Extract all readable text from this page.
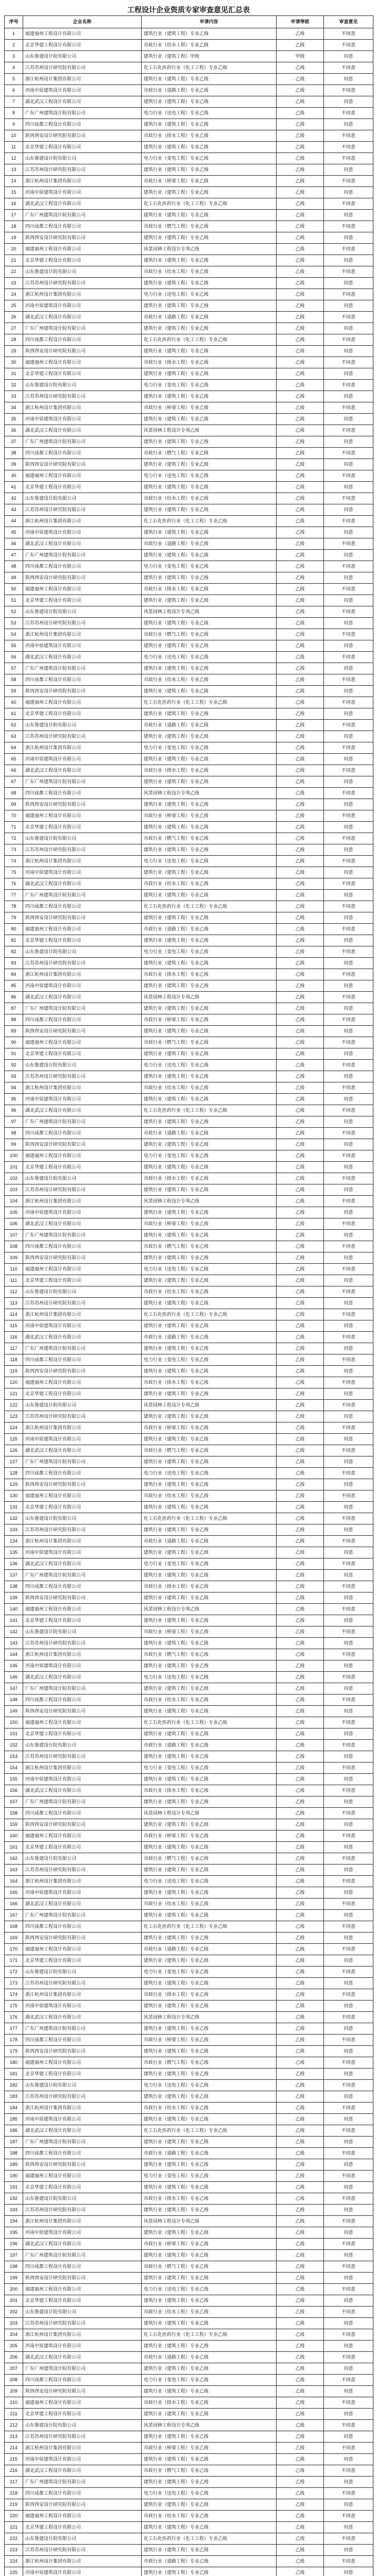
工程设计企业资质专家审查意见汇总表
序号	企业名称	申请内容	申请等级	审查意见
1	福建福州工程设计有限公司	建筑行业（建筑工程）专业乙级	乙级	不同意
2	北京华建工程设计有限公司	市政行业（给水工程）专业乙级	乙级	不同意
3	山东鲁建设计院有限公司	建筑行业（建筑工程）甲级	甲级	同意
4	江苏苏州设计研究院有限公司	化工石化医药行业（化工工程）专业乙级	乙级	不同意
5	浙江杭州设计集团有限公司	建筑行业（建筑工程）专业乙级	乙级	同意
6	河南中原建筑设计有限公司	市政行业（道路工程）专业乙级	乙级	不同意
7	湖北武汉工程设计有限公司	建筑行业（建筑工程）专业乙级	乙级	同意
8	广东广州建筑设计院有限公司	电力行业（送电工程）专业乙级	乙级	不同意
9	四川成都工程设计有限公司	建筑行业（建筑工程）专业乙级	乙级	同意
10	陕西西安设计研究院有限公司	市政行业（排水工程）专业乙级	乙级	不同意
11	北京华建工程设计有限公司	建筑行业（建筑工程）专业乙级	乙级	不同意
12	山东鲁建设计院有限公司	电力行业（变电工程）专业乙级	乙级	不同意
13	江苏苏州设计研究院有限公司	建筑行业（建筑工程）专业乙级	乙级	同意
14	浙江杭州设计集团有限公司	市政行业（桥梁工程）专业乙级	乙级	不同意
15	河南中原建筑设计有限公司	建筑行业（建筑工程）专业乙级	乙级	同意
16	湖北武汉工程设计有限公司	化工石化医药行业（化工工程）专业乙级	乙级	不同意
17	广东广州建筑设计院有限公司	建筑行业（建筑工程）专业乙级	乙级	同意
18	四川成都工程设计有限公司	市政行业（燃气工程）专业乙级	乙级	不同意
19	陕西西安设计研究院有限公司	建筑行业（建筑工程）专业乙级	乙级	同意
20	福建福州工程设计有限公司	风景园林工程设计专项乙级	乙级	不同意
21	北京华建工程设计有限公司	建筑行业（建筑工程）专业乙级	乙级	同意
22	山东鲁建设计院有限公司	市政行业（给水工程）专业乙级	乙级	不同意
23	江苏苏州设计研究院有限公司	建筑行业（建筑工程）专业乙级	乙级	同意
24	浙江杭州设计集团有限公司	电力行业（送电工程）专业乙级	乙级	不同意
25	河南中原建筑设计有限公司	建筑行业（建筑工程）专业乙级	乙级	同意
26	湖北武汉工程设计有限公司	市政行业（道路工程）专业乙级	乙级	不同意
27	广东广州建筑设计院有限公司	建筑行业（建筑工程）专业乙级	乙级	同意
28	四川成都工程设计有限公司	化工石化医药行业（化工工程）专业乙级	乙级	不同意
29	陕西西安设计研究院有限公司	建筑行业（建筑工程）专业乙级	乙级	同意
30	福建福州工程设计有限公司	市政行业（排水工程）专业乙级	乙级	不同意
31	北京华建工程设计有限公司	建筑行业（建筑工程）专业乙级	乙级	同意
32	山东鲁建设计院有限公司	电力行业（变电工程）专业乙级	乙级	不同意
33	江苏苏州设计研究院有限公司	建筑行业（建筑工程）专业乙级	乙级	同意
34	浙江杭州设计集团有限公司	市政行业（桥梁工程）专业乙级	乙级	不同意
35	河南中原建筑设计有限公司	建筑行业（建筑工程）专业乙级	乙级	同意
36	湖北武汉工程设计有限公司	风景园林工程设计专项乙级	乙级	不同意
37	广东广州建筑设计院有限公司	建筑行业（建筑工程）专业乙级	乙级	同意
38	四川成都工程设计有限公司	市政行业（燃气工程）专业乙级	乙级	不同意
39	陕西西安设计研究院有限公司	建筑行业（建筑工程）专业乙级	乙级	同意
40	福建福州工程设计有限公司	电力行业（送电工程）专业乙级	乙级	不同意
41	北京华建工程设计有限公司	建筑行业（建筑工程）专业乙级	乙级	同意
42	山东鲁建设计院有限公司	市政行业（给水工程）专业乙级	乙级	不同意
43	江苏苏州设计研究院有限公司	建筑行业（建筑工程）专业乙级	乙级	同意
44	浙江杭州设计集团有限公司	化工石化医药行业（化工工程）专业乙级	乙级	不同意
45	河南中原建筑设计有限公司	建筑行业（建筑工程）专业乙级	乙级	同意
46	湖北武汉工程设计有限公司	市政行业（道路工程）专业乙级	乙级	不同意
47	广东广州建筑设计院有限公司	建筑行业（建筑工程）专业乙级	乙级	同意
48	四川成都工程设计有限公司	电力行业（变电工程）专业乙级	乙级	不同意
49	陕西西安设计研究院有限公司	建筑行业（建筑工程）专业乙级	乙级	同意
50	福建福州工程设计有限公司	市政行业（排水工程）专业乙级	乙级	不同意
51	北京华建工程设计有限公司	建筑行业（建筑工程）专业乙级	乙级	同意
52	山东鲁建设计院有限公司	风景园林工程设计专项乙级	乙级	不同意
53	江苏苏州设计研究院有限公司	建筑行业（建筑工程）专业乙级	乙级	同意
54	浙江杭州设计集团有限公司	市政行业（燃气工程）专业乙级	乙级	不同意
55	河南中原建筑设计有限公司	建筑行业（建筑工程）专业乙级	乙级	同意
56	湖北武汉工程设计有限公司	电力行业（送电工程）专业乙级	乙级	不同意
57	广东广州建筑设计院有限公司	建筑行业（建筑工程）专业乙级	乙级	同意
58	四川成都工程设计有限公司	市政行业（给水工程）专业乙级	乙级	不同意
59	陕西西安设计研究院有限公司	建筑行业（建筑工程）专业乙级	乙级	同意
60	福建福州工程设计有限公司	化工石化医药行业（化工工程）专业乙级	乙级	不同意
61	北京华建工程设计有限公司	建筑行业（建筑工程）专业乙级	乙级	同意
62	山东鲁建设计院有限公司	市政行业（道路工程）专业乙级	乙级	不同意
63	江苏苏州设计研究院有限公司	建筑行业（建筑工程）专业乙级	乙级	同意
64	浙江杭州设计集团有限公司	电力行业（变电工程）专业乙级	乙级	不同意
65	河南中原建筑设计有限公司	建筑行业（建筑工程）专业乙级	乙级	同意
66	湖北武汉工程设计有限公司	市政行业（排水工程）专业乙级	乙级	不同意
67	广东广州建筑设计院有限公司	建筑行业（建筑工程）专业乙级	乙级	同意
68	四川成都工程设计有限公司	风景园林工程设计专项乙级	乙级	不同意
69	陕西西安设计研究院有限公司	建筑行业（建筑工程）专业乙级	乙级	同意
70	福建福州工程设计有限公司	市政行业（桥梁工程）专业乙级	乙级	不同意
71	北京华建工程设计有限公司	建筑行业（建筑工程）专业乙级	乙级	同意
72	山东鲁建设计院有限公司	市政行业（燃气工程）专业乙级	乙级	不同意
73	江苏苏州设计研究院有限公司	建筑行业（建筑工程）专业乙级	乙级	同意
74	浙江杭州设计集团有限公司	电力行业（送电工程）专业乙级	乙级	不同意
75	河南中原建筑设计有限公司	建筑行业（建筑工程）专业乙级	乙级	同意
76	湖北武汉工程设计有限公司	市政行业（给水工程）专业乙级	乙级	不同意
77	广东广州建筑设计院有限公司	建筑行业（建筑工程）专业乙级	乙级	同意
78	四川成都工程设计有限公司	化工石化医药行业（化工工程）专业乙级	乙级	不同意
79	陕西西安设计研究院有限公司	建筑行业（建筑工程）专业乙级	乙级	同意
80	福建福州工程设计有限公司	市政行业（道路工程）专业乙级	乙级	不同意
81	北京华建工程设计有限公司	建筑行业（建筑工程）专业乙级	乙级	同意
82	山东鲁建设计院有限公司	电力行业（变电工程）专业乙级	乙级	不同意
83	江苏苏州设计研究院有限公司	建筑行业（建筑工程）专业乙级	乙级	同意
84	浙江杭州设计集团有限公司	市政行业（排水工程）专业乙级	乙级	不同意
85	河南中原建筑设计有限公司	建筑行业（建筑工程）专业乙级	乙级	同意
86	湖北武汉工程设计有限公司	风景园林工程设计专项乙级	乙级	不同意
87	广东广州建筑设计院有限公司	建筑行业（建筑工程）专业乙级	乙级	同意
88	四川成都工程设计有限公司	市政行业（桥梁工程）专业乙级	乙级	不同意
89	陕西西安设计研究院有限公司	建筑行业（建筑工程）专业乙级	乙级	同意
90	福建福州工程设计有限公司	市政行业（燃气工程）专业乙级	乙级	不同意
91	北京华建工程设计有限公司	建筑行业（建筑工程）专业乙级	乙级	同意
92	山东鲁建设计院有限公司	电力行业（送电工程）专业乙级	乙级	不同意
93	江苏苏州设计研究院有限公司	建筑行业（建筑工程）专业乙级	乙级	同意
94	浙江杭州设计集团有限公司	市政行业（给水工程）专业乙级	乙级	不同意
95	河南中原建筑设计有限公司	建筑行业（建筑工程）专业乙级	乙级	同意
96	湖北武汉工程设计有限公司	化工石化医药行业（化工工程）专业乙级	乙级	不同意
97	广东广州建筑设计院有限公司	建筑行业（建筑工程）专业乙级	乙级	同意
98	四川成都工程设计有限公司	市政行业（道路工程）专业乙级	乙级	不同意
99	陕西西安设计研究院有限公司	建筑行业（建筑工程）专业乙级	乙级	同意
100	福建福州工程设计有限公司	电力行业（变电工程）专业乙级	乙级	不同意
101	北京华建工程设计有限公司	建筑行业（建筑工程）专业乙级	乙级	同意
102	山东鲁建设计院有限公司	市政行业（排水工程）专业乙级	乙级	不同意
103	江苏苏州设计研究院有限公司	建筑行业（建筑工程）专业乙级	乙级	同意
104	浙江杭州设计集团有限公司	风景园林工程设计专项乙级	乙级	不同意
105	河南中原建筑设计有限公司	建筑行业（建筑工程）专业乙级	乙级	同意
106	湖北武汉工程设计有限公司	市政行业（桥梁工程）专业乙级	乙级	不同意
107	广东广州建筑设计院有限公司	建筑行业（建筑工程）专业乙级	乙级	同意
108	四川成都工程设计有限公司	市政行业（燃气工程）专业乙级	乙级	不同意
109	陕西西安设计研究院有限公司	建筑行业（建筑工程）专业乙级	乙级	同意
110	福建福州工程设计有限公司	电力行业（送电工程）专业乙级	乙级	不同意
111	北京华建工程设计有限公司	建筑行业（建筑工程）专业乙级	乙级	同意
112	山东鲁建设计院有限公司	市政行业（给水工程）专业乙级	乙级	不同意
113	江苏苏州设计研究院有限公司	建筑行业（建筑工程）专业乙级	乙级	同意
114	浙江杭州设计集团有限公司	化工石化医药行业（化工工程）专业乙级	乙级	不同意
115	河南中原建筑设计有限公司	建筑行业（建筑工程）专业乙级	乙级	同意
116	湖北武汉工程设计有限公司	市政行业（道路工程）专业乙级	乙级	不同意
117	广东广州建筑设计院有限公司	建筑行业（建筑工程）专业乙级	乙级	同意
118	四川成都工程设计有限公司	电力行业（变电工程）专业乙级	乙级	不同意
119	陕西西安设计研究院有限公司	建筑行业（建筑工程）专业乙级	乙级	同意
120	福建福州工程设计有限公司	市政行业（排水工程）专业乙级	乙级	不同意
121	北京华建工程设计有限公司	建筑行业（建筑工程）专业乙级	乙级	同意
122	山东鲁建设计院有限公司	风景园林工程设计专项乙级	乙级	不同意
123	江苏苏州设计研究院有限公司	建筑行业（建筑工程）专业乙级	乙级	同意
124	浙江杭州设计集团有限公司	市政行业（桥梁工程）专业乙级	乙级	不同意
125	河南中原建筑设计有限公司	建筑行业（建筑工程）专业乙级	乙级	同意
126	湖北武汉工程设计有限公司	市政行业（燃气工程）专业乙级	乙级	不同意
127	广东广州建筑设计院有限公司	建筑行业（建筑工程）专业乙级	乙级	同意
128	四川成都工程设计有限公司	电力行业（送电工程）专业乙级	乙级	不同意
129	陕西西安设计研究院有限公司	建筑行业（建筑工程）专业乙级	乙级	同意
130	福建福州工程设计有限公司	市政行业（给水工程）专业乙级	乙级	不同意
131	北京华建工程设计有限公司	建筑行业（建筑工程）专业乙级	乙级	同意
132	山东鲁建设计院有限公司	化工石化医药行业（化工工程）专业乙级	乙级	不同意
133	江苏苏州设计研究院有限公司	建筑行业（建筑工程）专业乙级	乙级	同意
134	浙江杭州设计集团有限公司	市政行业（道路工程）专业乙级	乙级	不同意
135	河南中原建筑设计有限公司	建筑行业（建筑工程）专业乙级	乙级	同意
136	湖北武汉工程设计有限公司	电力行业（变电工程）专业乙级	乙级	不同意
137	广东广州建筑设计院有限公司	建筑行业（建筑工程）专业乙级	乙级	同意
138	四川成都工程设计有限公司	市政行业（排水工程）专业乙级	乙级	不同意
139	陕西西安设计研究院有限公司	建筑行业（建筑工程）专业乙级	乙级	同意
140	福建福州工程设计有限公司	风景园林工程设计专项乙级	乙级	不同意
141	北京华建工程设计有限公司	建筑行业（建筑工程）专业乙级	乙级	同意
142	山东鲁建设计院有限公司	市政行业（桥梁工程）专业乙级	乙级	不同意
143	江苏苏州设计研究院有限公司	建筑行业（建筑工程）专业乙级	乙级	同意
144	浙江杭州设计集团有限公司	市政行业（燃气工程）专业乙级	乙级	不同意
145	河南中原建筑设计有限公司	建筑行业（建筑工程）专业乙级	乙级	同意
146	湖北武汉工程设计有限公司	电力行业（送电工程）专业乙级	乙级	不同意
147	广东广州建筑设计院有限公司	建筑行业（建筑工程）专业乙级	乙级	同意
148	四川成都工程设计有限公司	市政行业（给水工程）专业乙级	乙级	不同意
149	陕西西安设计研究院有限公司	建筑行业（建筑工程）专业乙级	乙级	同意
150	福建福州工程设计有限公司	化工石化医药行业（化工工程）专业乙级	乙级	不同意
151	北京华建工程设计有限公司	建筑行业（建筑工程）专业乙级	乙级	同意
152	山东鲁建设计院有限公司	市政行业（道路工程）专业乙级	乙级	不同意
153	江苏苏州设计研究院有限公司	建筑行业（建筑工程）专业乙级	乙级	同意
154	浙江杭州设计集团有限公司	电力行业（变电工程）专业乙级	乙级	不同意
155	河南中原建筑设计有限公司	建筑行业（建筑工程）专业乙级	乙级	同意
156	湖北武汉工程设计有限公司	市政行业（排水工程）专业乙级	乙级	不同意
157	广东广州建筑设计院有限公司	建筑行业（建筑工程）专业乙级	乙级	同意
158	四川成都工程设计有限公司	风景园林工程设计专项乙级	乙级	不同意
159	陕西西安设计研究院有限公司	建筑行业（建筑工程）专业乙级	乙级	同意
160	福建福州工程设计有限公司	市政行业（桥梁工程）专业乙级	乙级	不同意
161	北京华建工程设计有限公司	建筑行业（建筑工程）专业乙级	乙级	同意
162	山东鲁建设计院有限公司	市政行业（燃气工程）专业乙级	乙级	不同意
163	江苏苏州设计研究院有限公司	建筑行业（建筑工程）专业乙级	乙级	同意
164	浙江杭州设计集团有限公司	电力行业（送电工程）专业乙级	乙级	不同意
165	河南中原建筑设计有限公司	建筑行业（建筑工程）专业乙级	乙级	同意
166	湖北武汉工程设计有限公司	市政行业（给水工程）专业乙级	乙级	不同意
167	广东广州建筑设计院有限公司	建筑行业（建筑工程）专业乙级	乙级	同意
168	四川成都工程设计有限公司	化工石化医药行业（化工工程）专业乙级	乙级	不同意
169	陕西西安设计研究院有限公司	建筑行业（建筑工程）专业乙级	乙级	同意
170	福建福州工程设计有限公司	市政行业（道路工程）专业乙级	乙级	不同意
171	北京华建工程设计有限公司	建筑行业（建筑工程）专业乙级	乙级	同意
172	山东鲁建设计院有限公司	电力行业（变电工程）专业乙级	乙级	不同意
173	江苏苏州设计研究院有限公司	建筑行业（建筑工程）专业乙级	乙级	同意
174	浙江杭州设计集团有限公司	市政行业（排水工程）专业乙级	乙级	不同意
175	河南中原建筑设计有限公司	建筑行业（建筑工程）专业乙级	乙级	同意
176	湖北武汉工程设计有限公司	风景园林工程设计专项乙级	乙级	不同意
177	广东广州建筑设计院有限公司	建筑行业（建筑工程）专业乙级	乙级	同意
178	四川成都工程设计有限公司	市政行业（桥梁工程）专业乙级	乙级	不同意
179	陕西西安设计研究院有限公司	建筑行业（建筑工程）专业乙级	乙级	同意
180	福建福州工程设计有限公司	市政行业（燃气工程）专业乙级	乙级	不同意
181	北京华建工程设计有限公司	建筑行业（建筑工程）专业乙级	乙级	同意
182	山东鲁建设计院有限公司	电力行业（送电工程）专业乙级	乙级	不同意
183	江苏苏州设计研究院有限公司	建筑行业（建筑工程）专业乙级	乙级	同意
184	浙江杭州设计集团有限公司	市政行业（给水工程）专业乙级	乙级	不同意
185	河南中原建筑设计有限公司	建筑行业（建筑工程）专业乙级	乙级	同意
186	湖北武汉工程设计有限公司	化工石化医药行业（化工工程）专业乙级	乙级	不同意
187	广东广州建筑设计院有限公司	建筑行业（建筑工程）专业乙级	乙级	同意
188	四川成都工程设计有限公司	市政行业（道路工程）专业乙级	乙级	不同意
189	陕西西安设计研究院有限公司	建筑行业（建筑工程）专业乙级	乙级	同意
190	福建福州工程设计有限公司	电力行业（变电工程）专业乙级	乙级	不同意
191	北京华建工程设计有限公司	建筑行业（建筑工程）专业乙级	乙级	同意
192	山东鲁建设计院有限公司	市政行业（排水工程）专业乙级	乙级	不同意
193	江苏苏州设计研究院有限公司	建筑行业（建筑工程）专业乙级	乙级	同意
194	浙江杭州设计集团有限公司	风景园林工程设计专项乙级	乙级	不同意
195	河南中原建筑设计有限公司	建筑行业（建筑工程）专业乙级	乙级	同意
196	湖北武汉工程设计有限公司	市政行业（桥梁工程）专业乙级	乙级	不同意
197	广东广州建筑设计院有限公司	建筑行业（建筑工程）专业乙级	乙级	同意
198	四川成都工程设计有限公司	市政行业（燃气工程）专业乙级	乙级	不同意
199	陕西西安设计研究院有限公司	建筑行业（建筑工程）专业乙级	乙级	同意
200	福建福州工程设计有限公司	电力行业（送电工程）专业乙级	乙级	不同意
201	北京华建工程设计有限公司	建筑行业（建筑工程）专业乙级	乙级	同意
202	山东鲁建设计院有限公司	市政行业（给水工程）专业乙级	乙级	不同意
203	江苏苏州设计研究院有限公司	建筑行业（建筑工程）专业乙级	乙级	同意
204	浙江杭州设计集团有限公司	化工石化医药行业（化工工程）专业乙级	乙级	不同意
205	河南中原建筑设计有限公司	建筑行业（建筑工程）专业乙级	乙级	同意
206	湖北武汉工程设计有限公司	市政行业（道路工程）专业乙级	乙级	不同意
207	广东广州建筑设计院有限公司	建筑行业（建筑工程）专业乙级	乙级	同意
208	四川成都工程设计有限公司	电力行业（变电工程）专业乙级	乙级	不同意
209	陕西西安设计研究院有限公司	建筑行业（建筑工程）专业乙级	乙级	同意
210	福建福州工程设计有限公司	市政行业（排水工程）专业乙级	乙级	不同意
211	北京华建工程设计有限公司	建筑行业（建筑工程）专业乙级	乙级	同意
212	山东鲁建设计院有限公司	风景园林工程设计专项乙级	乙级	不同意
213	江苏苏州设计研究院有限公司	建筑行业（建筑工程）专业乙级	乙级	同意
214	浙江杭州设计集团有限公司	市政行业（桥梁工程）专业乙级	乙级	不同意
215	河南中原建筑设计有限公司	建筑行业（建筑工程）专业乙级	乙级	同意
216	湖北武汉工程设计有限公司	市政行业（燃气工程）专业乙级	乙级	不同意
217	广东广州建筑设计院有限公司	建筑行业（建筑工程）专业乙级	乙级	同意
218	四川成都工程设计有限公司	电力行业（送电工程）专业乙级	乙级	不同意
219	陕西西安设计研究院有限公司	建筑行业（建筑工程）专业乙级	乙级	同意
220	福建福州工程设计有限公司	市政行业（给水工程）专业乙级	乙级	不同意
221	北京华建工程设计有限公司	建筑行业（建筑工程）专业乙级	乙级	同意
222	山东鲁建设计院有限公司	化工石化医药行业（化工工程）专业乙级	乙级	不同意
223	江苏苏州设计研究院有限公司	建筑行业（建筑工程）专业乙级	乙级	同意
224	浙江杭州设计集团有限公司	市政行业（道路工程）专业乙级	乙级	不同意
225	河南中原建筑设计有限公司	建筑行业（建筑工程）专业乙级	乙级	同意
